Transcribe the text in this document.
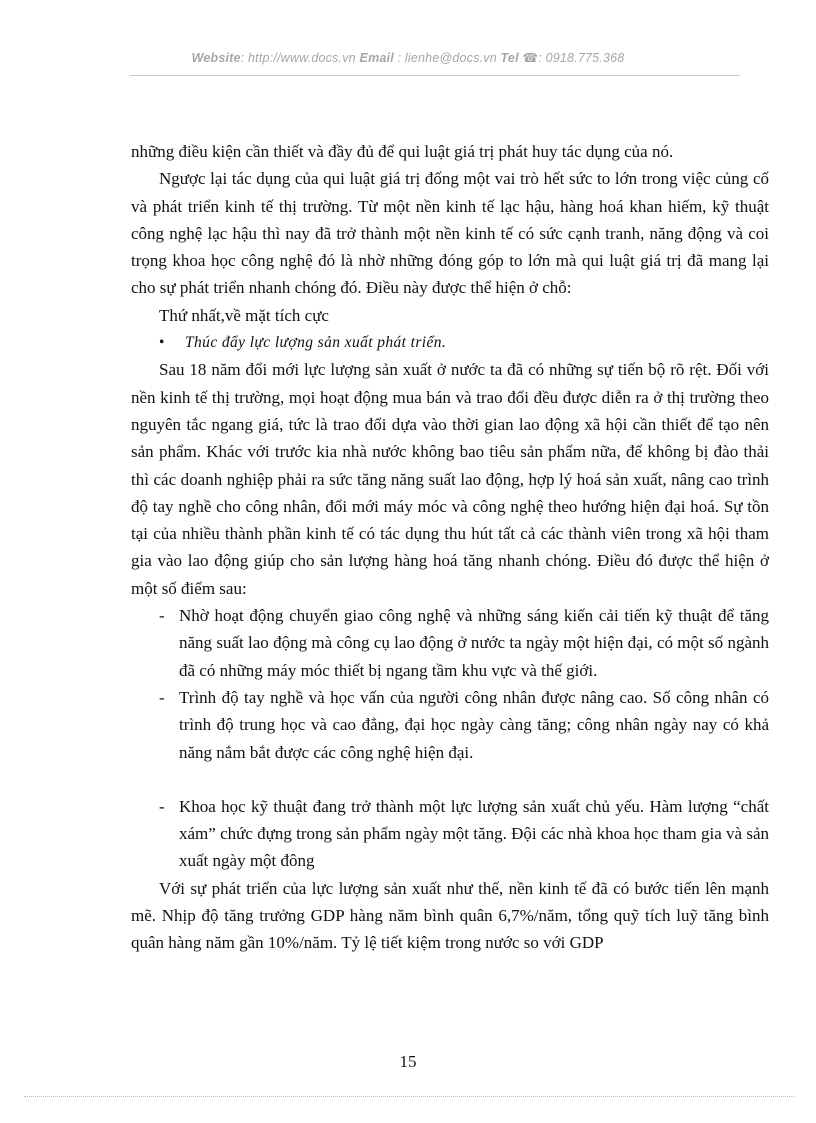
Website: http://www.docs.vn Email : lienhe@docs.vn Tel ☎: 0918.775.368

những điều kiện cần thiết và đầy đủ để qui luật giá trị phát huy tác dụng của nó.

Ngược lại tác dụng của qui luật giá trị đống một vai trò hết sức to lớn trong việc củng cố và phát triển kinh tế thị trường. Từ một nền kinh tế lạc hậu, hàng hoá khan hiếm, kỹ thuật công nghệ lạc hậu thì nay đã trở thành một nền kinh tế có sức cạnh tranh, năng động và coi trọng khoa học công nghệ đó là nhờ những đóng góp to lớn mà qui luật giá trị đã mang lại cho sự phát triển nhanh chóng đó. Điều này được thể hiện ở chỗ:

Thứ nhất,về mặt tích cực

• Thúc đẩy lực lượng sản xuất phát triển.

Sau 18 năm đổi mới lực lượng sản xuất ở nước ta đã có những sự tiến bộ rõ rệt. Đối với nền kinh tế thị trường, mọi hoạt động mua bán và trao đổi đều được diễn ra ở thị trường theo nguyên tắc ngang giá, tức là trao đổi dựa vào thời gian lao động xã hội cần thiết để tạo nên sản phẩm. Khác với trước kia nhà nước không bao tiêu sản phẩm nữa, để không bị đào thải thì các doanh nghiệp phải ra sức tăng năng suất lao động, hợp lý hoá sản xuất, nâng cao trình độ tay nghề cho công nhân, đổi mới máy móc và công nghệ theo hướng hiện đại hoá. Sự tồn tại của nhiều thành phần kinh tế có tác dụng thu hút tất cả các thành viên trong xã hội tham gia vào lao động giúp cho sản lượng hàng hoá tăng nhanh chóng. Điều đó được thể hiện ở một số điểm sau:

- Nhờ hoạt động chuyển giao công nghệ và những sáng kiến cải tiến kỹ thuật để tăng năng suất lao động mà công cụ lao động ở nước ta ngày một hiện đại, có một số ngành đã có những máy móc thiết bị ngang tầm khu vực và thế giới.
- Trình độ tay nghề và học vấn của người công nhân được nâng cao. Số công nhân có trình độ trung học và cao đẳng, đại học ngày càng tăng; công nhân ngày nay có khả năng nắm bắt được các công nghệ hiện đại.
- Khoa học kỹ thuật đang trở thành một lực lượng sản xuất chủ yếu. Hàm lượng “chất xám” chức đựng trong sản phẩm ngày một tăng. Đội các nhà khoa học tham gia và sản xuất ngày một đông

Với sự phát triển của lực lượng sản xuất như thế, nền kinh tế đã có bước tiến lên mạnh mẽ. Nhịp độ tăng trưởng GDP hàng năm bình quân 6,7%/năm, tổng quỹ tích luỹ tăng bình quân hàng năm gần 10%/năm. Tỷ lệ tiết kiệm trong nước so với GDP

15
